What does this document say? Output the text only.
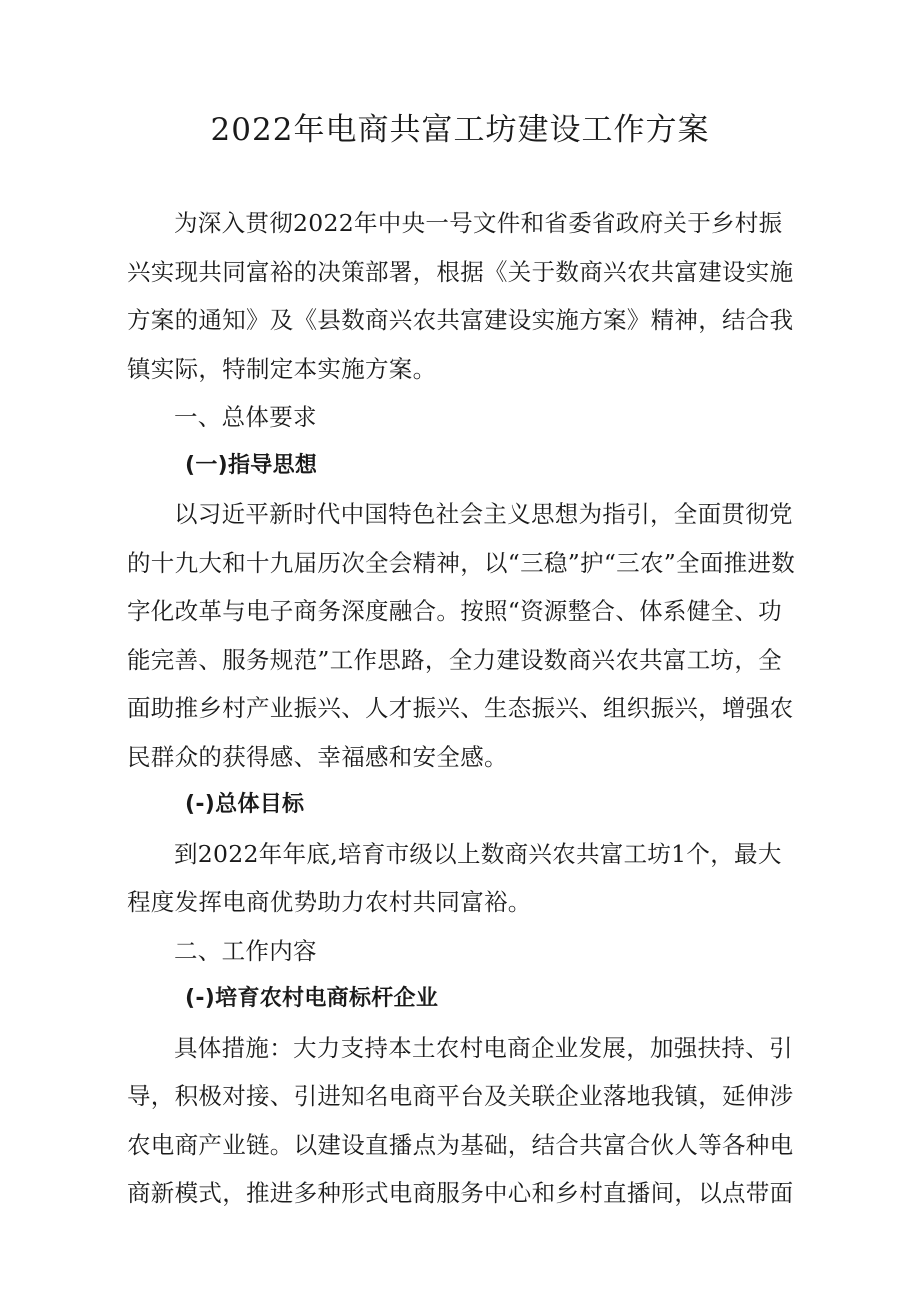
2022年电商共富工坊建设工作方案

为深入贯彻2022年中央一号文件和省委省政府关于乡村振兴实现共同富裕的决策部署，根据《关于数商兴农共富建设实施方案的通知》及《县数商兴农共富建设实施方案》精神，结合我镇实际，特制定本实施方案。

一、总体要求

(一)指导思想

以习近平新时代中国特色社会主义思想为指引，全面贯彻党的十九大和十九届历次全会精神，以“三稳”护“三农”全面推进数字化改革与电子商务深度融合。按照“资源整合、体系健全、功能完善、服务规范”工作思路，全力建设数商兴农共富工坊，全面助推乡村产业振兴、人才振兴、生态振兴、组织振兴，增强农民群众的获得感、幸福感和安全感。

(-)总体目标

到2022年年底,培育市级以上数商兴农共富工坊1个，最大程度发挥电商优势助力农村共同富裕。

二、工作内容

(-)培育农村电商标杆企业

具体措施：大力支持本土农村电商企业发展，加强扶持、引导，积极对接、引进知名电商平台及关联企业落地我镇，延伸涉农电商产业链。以建设直播点为基础，结合共富合伙人等各种电商新模式，推进多种形式电商服务中心和乡村直播间，以点带面
